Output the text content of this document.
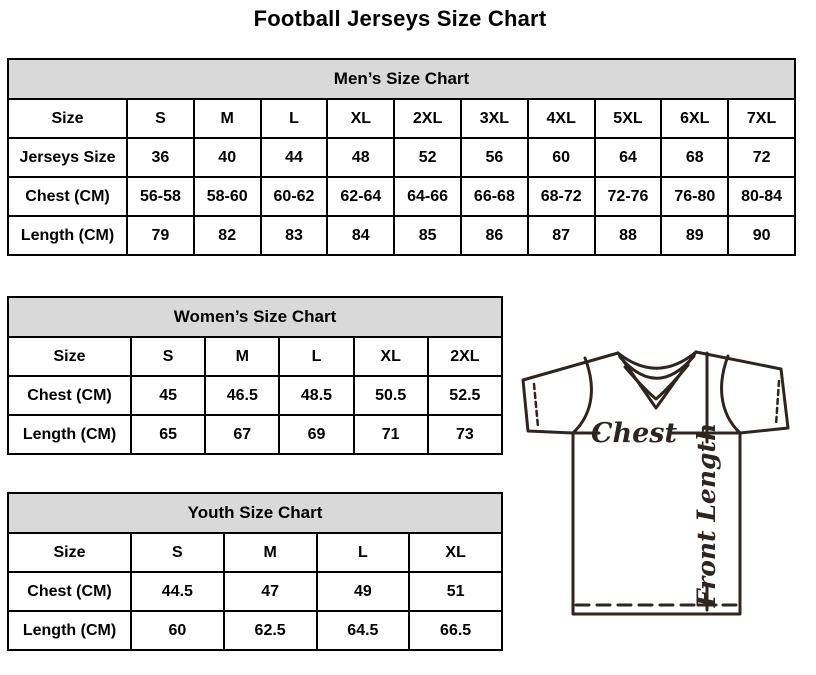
Football Jerseys Size Chart
Men’s Size Chart										
Size	S	M	L	XL	2XL	3XL	4XL	5XL	6XL	7XL
Jerseys Size	36	40	44	48	52	56	60	64	68	72
Chest (CM)	56-58	58-60	60-62	62-64	64-66	66-68	68-72	72-76	76-80	80-84
Length (CM)	79	82	83	84	85	86	87	88	89	90
Women’s Size Chart					
Size	S	M	L	XL	2XL
Chest (CM)	45	46.5	48.5	50.5	52.5
Length (CM)	65	67	69	71	73
Youth Size Chart				
Size	S	M	L	XL
Chest (CM)	44.5	47	49	51
Length (CM)	60	62.5	64.5	66.5
Chest Front Length
